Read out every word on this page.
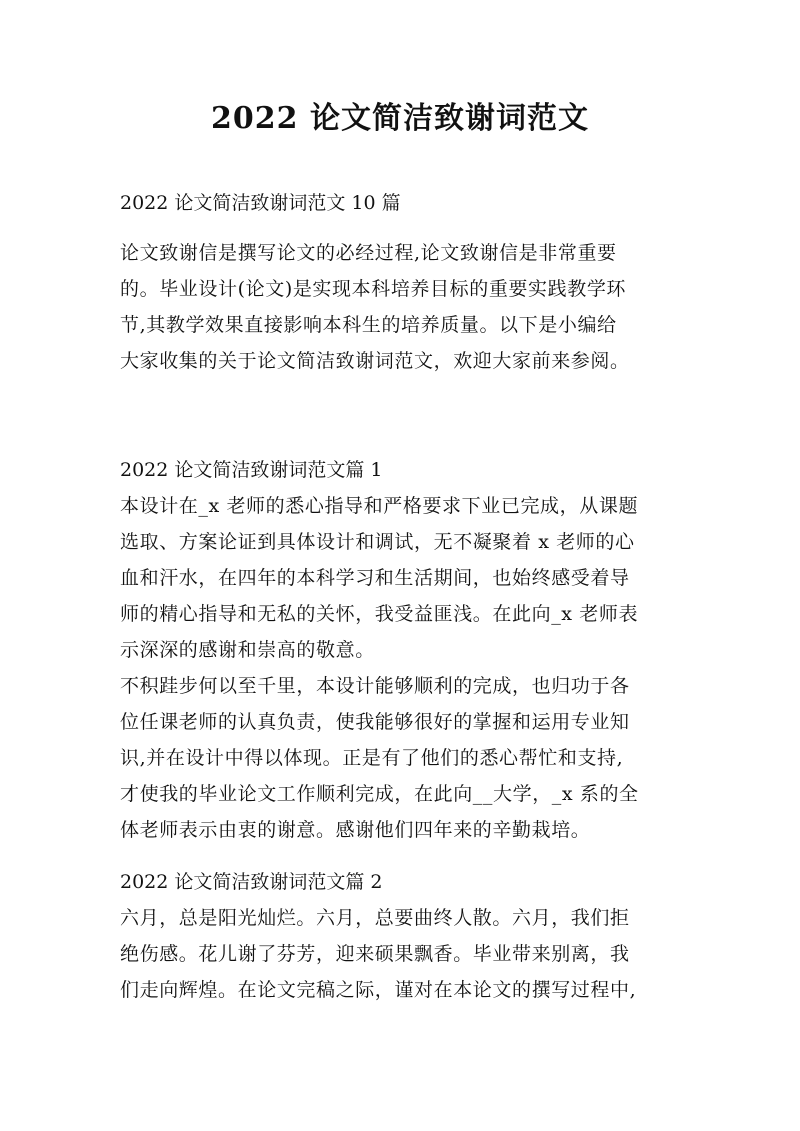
2022 论文简洁致谢词范文
2022 论文简洁致谢词范文 10 篇
论文致谢信是撰写论文的必经过程,论文致谢信是非常重要
的。毕业设计(论文)是实现本科培养目标的重要实践教学环
节,其教学效果直接影响本科生的培养质量。以下是小编给
大家收集的关于论文简洁致谢词范文，欢迎大家前来参阅。
2022 论文简洁致谢词范文篇 1
本设计在_x 老师的悉心指导和严格要求下业已完成，从课题
选取、方案论证到具体设计和调试，无不凝聚着 x 老师的心
血和汗水，在四年的本科学习和生活期间，也始终感受着导
师的精心指导和无私的关怀，我受益匪浅。在此向_x 老师表
示深深的感谢和崇高的敬意。
不积跬步何以至千里，本设计能够顺利的完成，也归功于各
位任课老师的认真负责，使我能够很好的掌握和运用专业知
识,并在设计中得以体现。正是有了他们的悉心帮忙和支持,
才使我的毕业论文工作顺利完成，在此向__大学，_x 系的全
体老师表示由衷的谢意。感谢他们四年来的辛勤栽培。
2022 论文简洁致谢词范文篇 2
六月，总是阳光灿烂。六月，总要曲终人散。六月，我们拒
绝伤感。花儿谢了芬芳，迎来硕果飘香。毕业带来别离，我
们走向辉煌。在论文完稿之际，谨对在本论文的撰写过程中,
